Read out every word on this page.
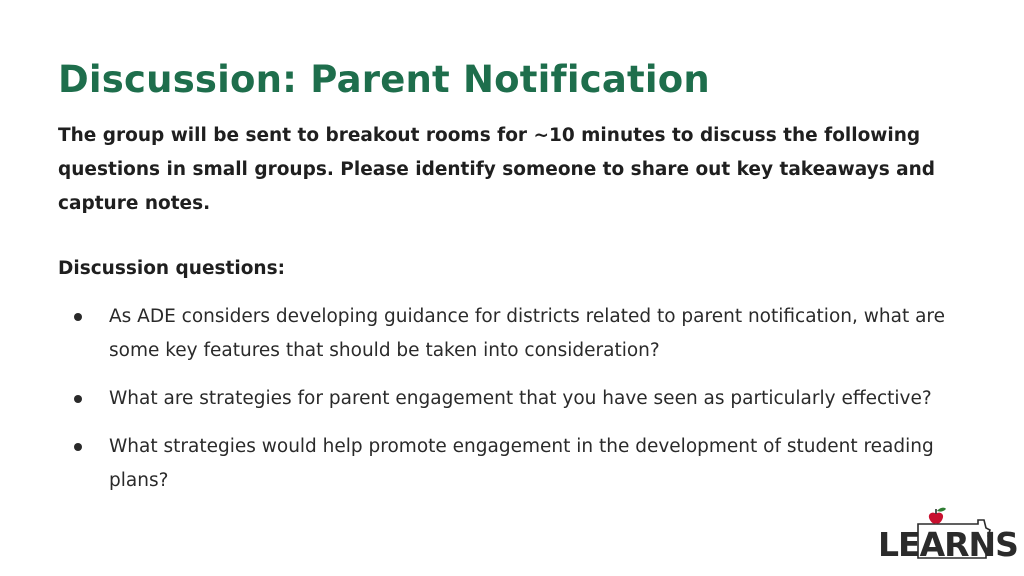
Discussion: Parent Notification

The group will be sent to breakout rooms for ~10 minutes to discuss the following questions in small groups. Please identify someone to share out key takeaways and capture notes.

Discussion questions:

As ADE considers developing guidance for districts related to parent notification, what are some key features that should be taken into consideration?
What are strategies for parent engagement that you have seen as particularly effective?
What strategies would help promote engagement in the development of student reading plans?
LEARNS
